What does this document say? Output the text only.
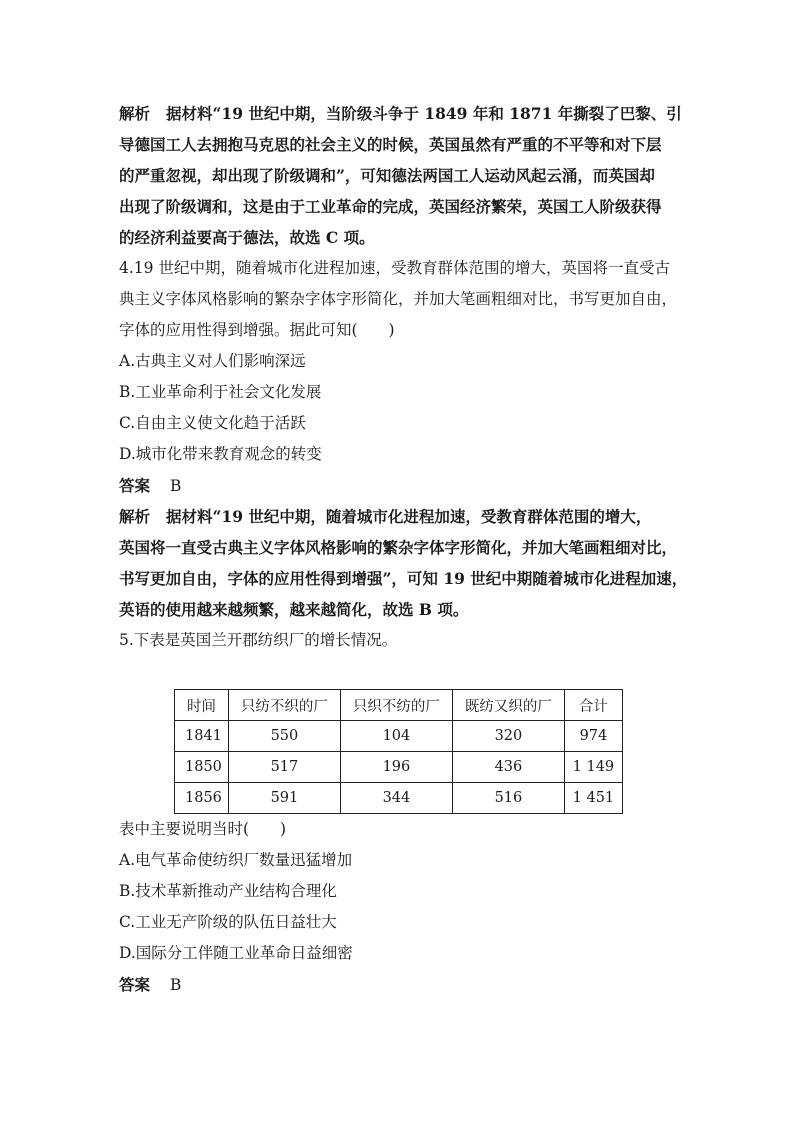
解析 据材料“19 世纪中期，当阶级斗争于 1849 年和 1871 年撕裂了巴黎、引
导德国工人去拥抱马克思的社会主义的时候，英国虽然有严重的不平等和对下层
的严重忽视，却出现了阶级调和”，可知德法两国工人运动风起云涌，而英国却
出现了阶级调和，这是由于工业革命的完成，英国经济繁荣，英国工人阶级获得
的经济利益要高于德法，故选 C 项。
4.19 世纪中期，随着城市化进程加速，受教育群体范围的增大，英国将一直受古
典主义字体风格影响的繁杂字体字形简化，并加大笔画粗细对比，书写更加自由，
字体的应用性得到增强。据此可知(　　)
A.古典主义对人们影响深远
B.工业革命利于社会文化发展
C.自由主义使文化趋于活跃
D.城市化带来教育观念的转变
答案 B
解析 据材料“19 世纪中期，随着城市化进程加速，受教育群体范围的增大，
英国将一直受古典主义字体风格影响的繁杂字体字形简化，并加大笔画粗细对比，
书写更加自由，字体的应用性得到增强”，可知 19 世纪中期随着城市化进程加速，
英语的使用越来越频繁，越来越简化，故选 B 项。
5.下表是英国兰开郡纺织厂的增长情况。
时间	只纺不织的厂	只织不纺的厂	既纺又织的厂	合计
1841	550	104	320	974
1850	517	196	436	1 149
1856	591	344	516	1 451
表中主要说明当时(　　)
A.电气革命使纺织厂数量迅猛增加
B.技术革新推动产业结构合理化
C.工业无产阶级的队伍日益壮大
D.国际分工伴随工业革命日益细密
答案 B
